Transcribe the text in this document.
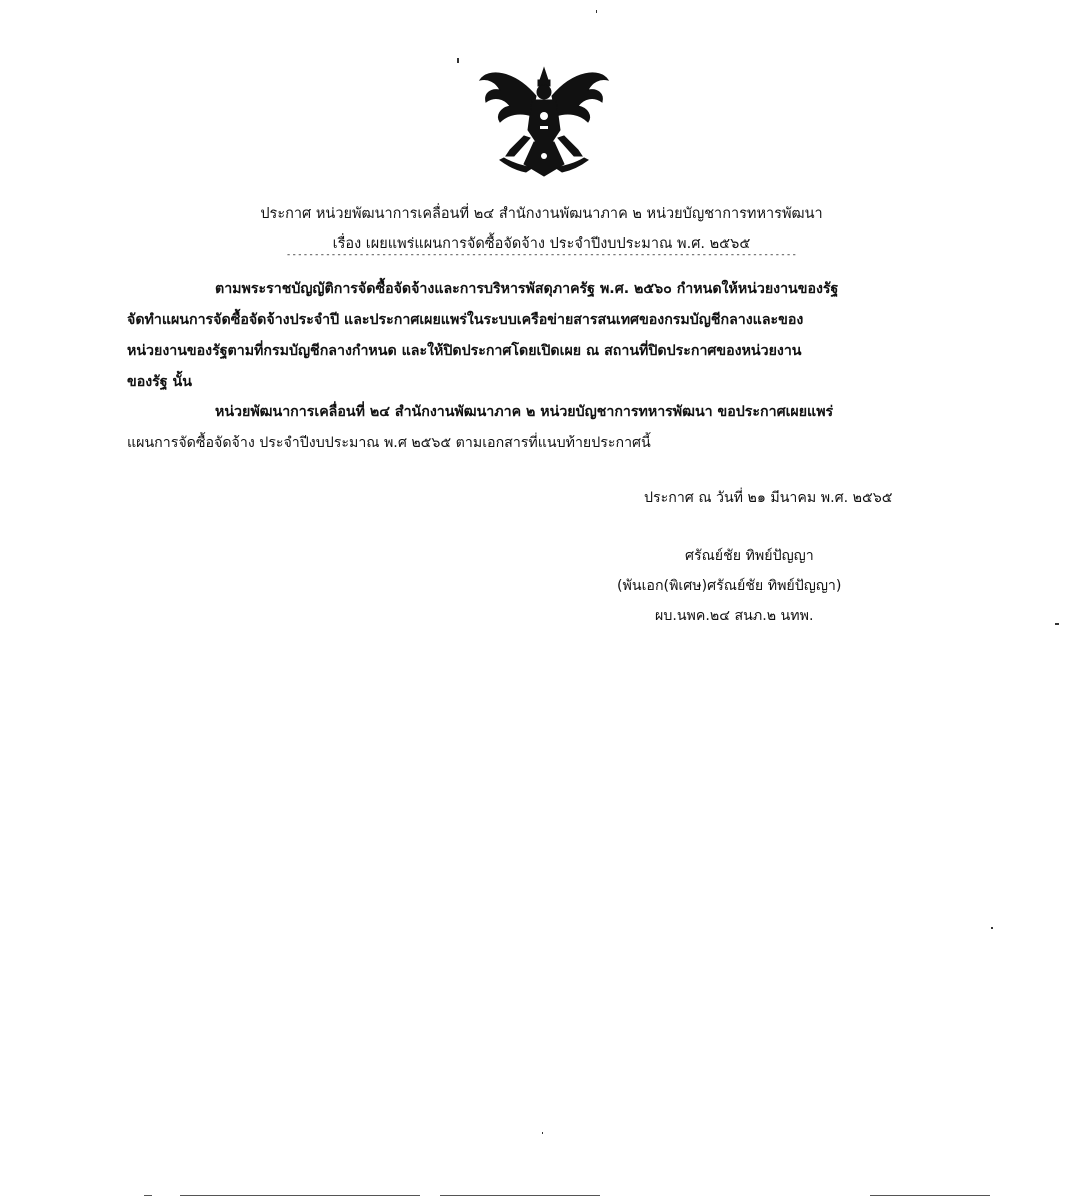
ประกาศ หน่วยพัฒนาการเคลื่อนที่ ๒๔ สำนักงานพัฒนาภาค ๒ หน่วยบัญชาการทหารพัฒนา
เรื่อง เผยแพร่แผนการจัดซื้อจัดจ้าง ประจำปีงบประมาณ พ.ศ. ๒๕๖๕
-------------------------------------------------------------------------------------------
ตามพระราชบัญญัติการจัดซื้อจัดจ้างและการบริหารพัสดุภาครัฐ พ.ศ. ๒๕๖๐ กำหนดให้หน่วยงานของรัฐ
จัดทำแผนการจัดซื้อจัดจ้างประจำปี และประกาศเผยแพร่ในระบบเครือข่ายสารสนเทศของกรมบัญชีกลางและของ
หน่วยงานของรัฐตามที่กรมบัญชีกลางกำหนด และให้ปิดประกาศโดยเปิดเผย ณ สถานที่ปิดประกาศของหน่วยงาน
ของรัฐ นั้น
หน่วยพัฒนาการเคลื่อนที่ ๒๔ สำนักงานพัฒนาภาค ๒ หน่วยบัญชาการทหารพัฒนา ขอประกาศเผยแพร่
แผนการจัดซื้อจัดจ้าง ประจำปีงบประมาณ พ.ศ ๒๕๖๕ ตามเอกสารที่แนบท้ายประกาศนี้
ประกาศ ณ วันที่ ๒๑ มีนาคม พ.ศ. ๒๕๖๕
ศรัณย์ชัย ทิพย์ปัญญา
(พันเอก(พิเศษ)ศรัณย์ชัย ทิพย์ปัญญา)
ผบ.นพค.๒๔ สนภ.๒ นทพ.
